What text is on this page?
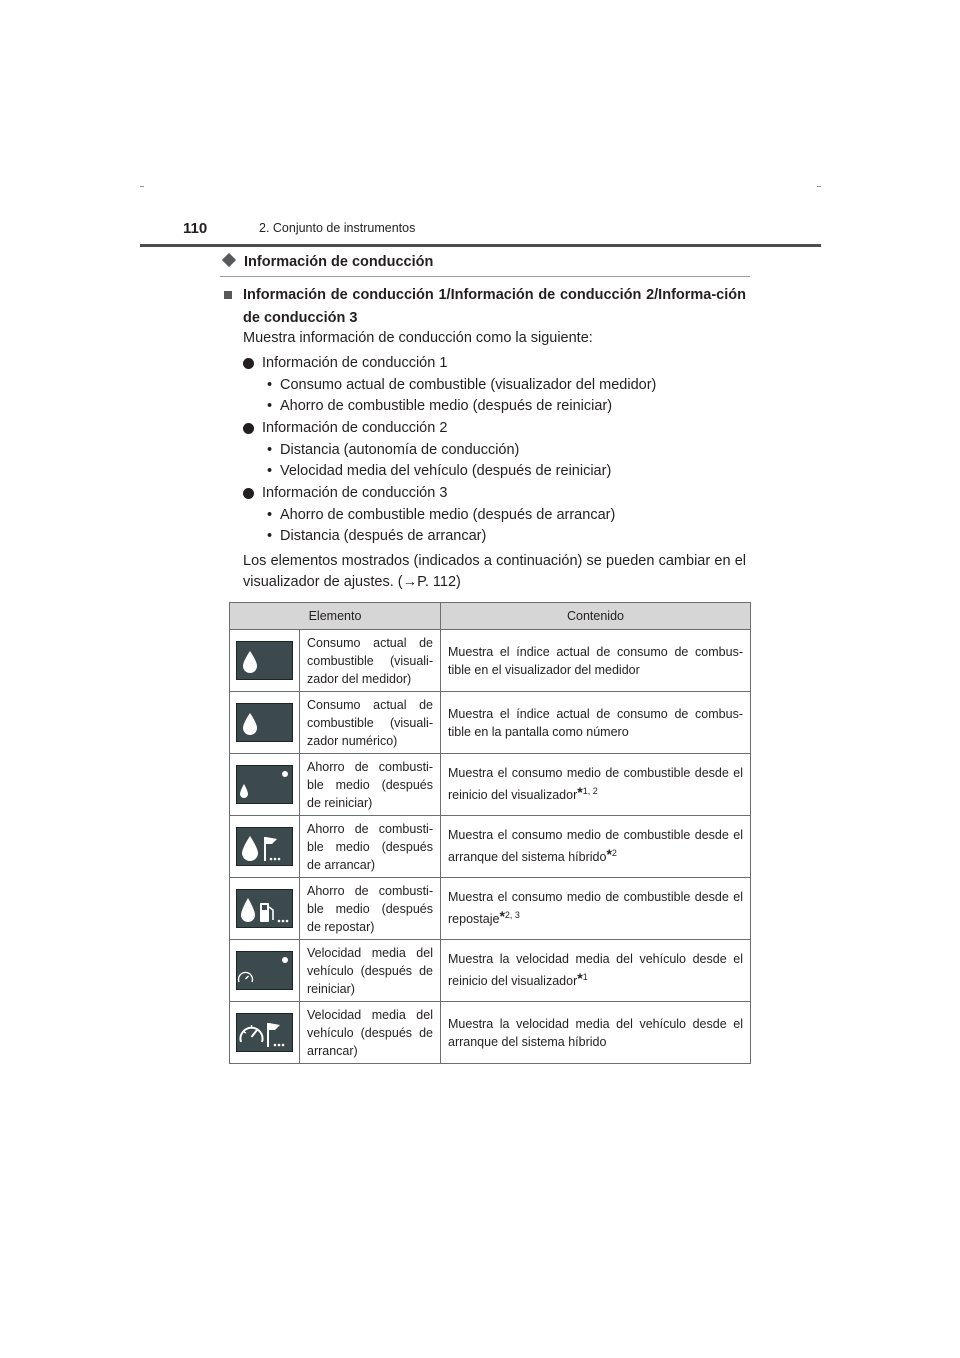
110	2. Conjunto de instrumentos
Información de conducción
Información de conducción 1/Información de conducción 2/Informa-ción de conducción 3

Muestra información de conducción como la siguiente:

Información de conducción 1
• Consumo actual de combustible (visualizador del medidor)
• Ahorro de combustible medio (después de reiniciar)
Información de conducción 2
• Distancia (autonomía de conducción)
• Velocidad media del vehículo (después de reiniciar)
Información de conducción 3
• Ahorro de combustible medio (después de arrancar)
• Distancia (después de arrancar)

Los elementos mostrados (indicados a continuación) se pueden cambiar en el visualizador de ajustes. (→P. 112)

Elemento		Contenido

	Consumo actual de combustible (visuali-zador del medidor)	Muestra el índice actual de consumo de combus-tible en el visualizador del medidor

	Consumo actual de combustible (visuali-zador numérico)	Muestra el índice actual de consumo de combus-tible en la pantalla como número

	Ahorro de combusti-ble medio (después de reiniciar)	Muestra el consumo medio de combustible desde el reinicio del visualizador*$^{1, 2}$

	Ahorro de combusti-ble medio (después de arrancar)	Muestra el consumo medio de combustible desde el arranque del sistema híbrido*$^2$

	Ahorro de combusti-ble medio (después de repostar)	Muestra el consumo medio de combustible desde el repostaje*$^{2, 3}$

	Velocidad media del vehículo (después de reiniciar)	Muestra la velocidad media del vehículo desde el reinicio del visualizador*$^1$

	Velocidad media del vehículo (después de arrancar)	Muestra la velocidad media del vehículo desde el arranque del sistema híbrido
